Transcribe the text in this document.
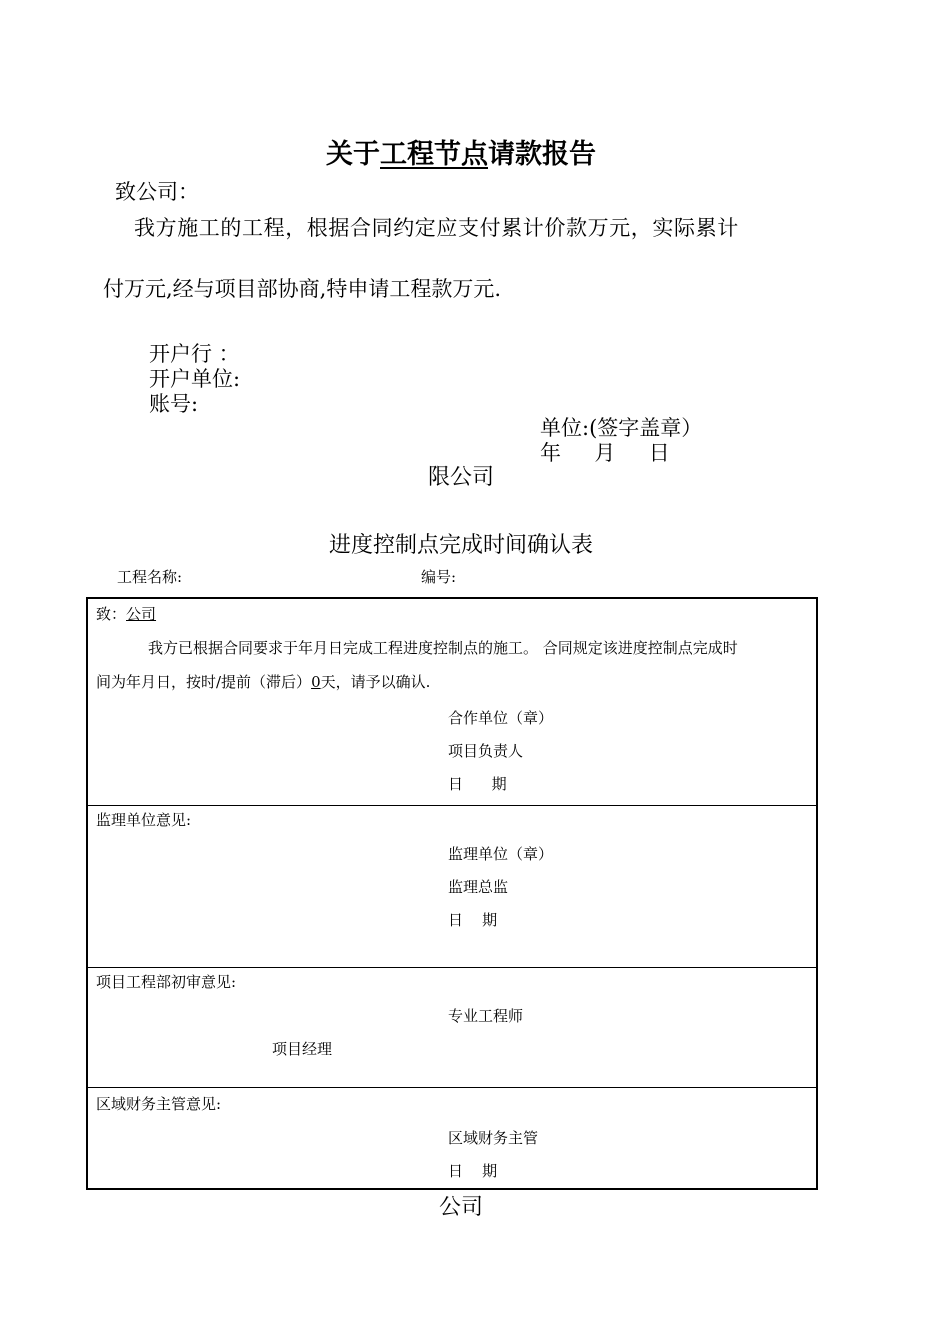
关于工程节点请款报告
致公司：
我方施工的工程，根据合同约定应支付累计价款万元，实际累计
付万元,经与项目部协商,特申请工程款万元.
开户行 ：
开户单位:
账号:
单位:(签字盖章）
年     月     日
限公司
进度控制点完成时间确认表
工程名称:	编号:
致：公司
我方已根据合同要求于年月日完成工程进度控制点的施工。 合同规定该进度控制点完成时
间为年月日，按时/提前（滞后）0天，请予以确认.
合作单位（章）
项目负责人
日      期
监理单位意见:
监理单位（章）
监理总监
日    期
项目工程部初审意见:
专业工程师
项目经理
区域财务主管意见:
区域财务主管
日    期
公司
